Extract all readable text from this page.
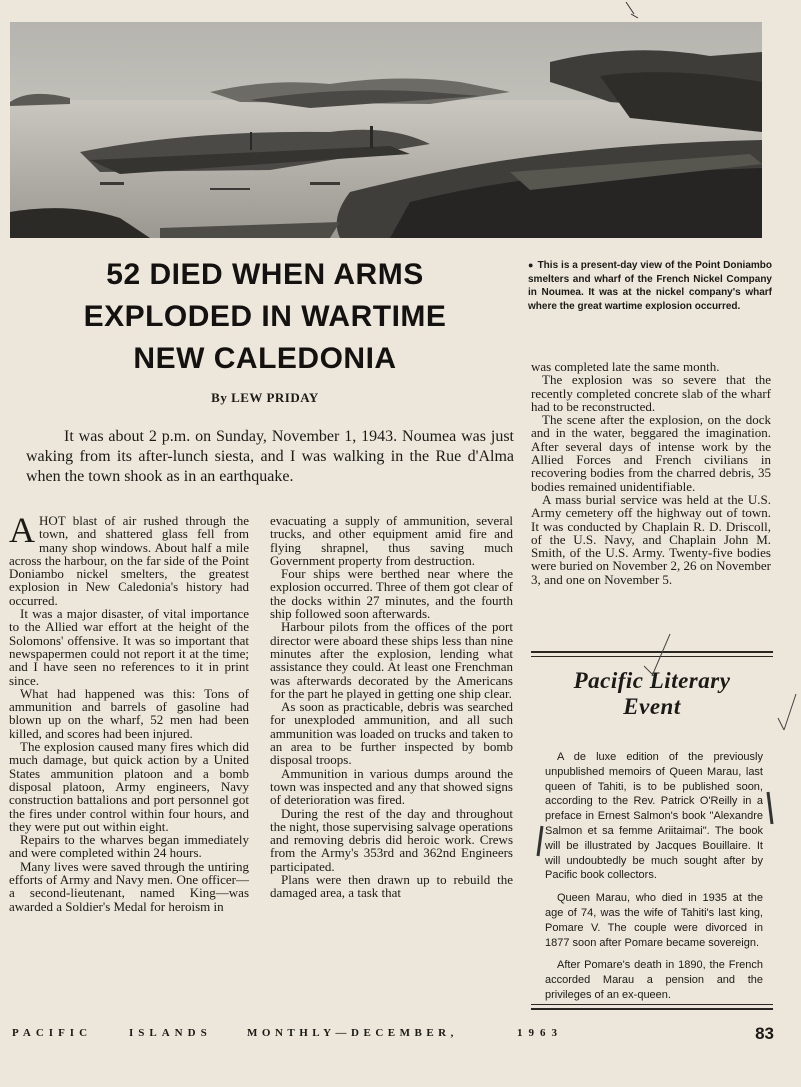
52 DIED WHEN ARMS
EXPLODED IN WARTIME
NEW CALEDONIA
By LEW PRIDAY
● This is a present-day view of the Point Doniambo smelters and wharf of the French Nickel Company in Noumea. It was at the nickel company's wharf where the great wartime explosion occurred.
It was about 2 p.m. on Sunday, November 1, 1943. Noumea was just waking from its after-lunch siesta, and I was walking in the Rue d'Alma when the town shook as in an earthquake.

AHOT blast of air rushed through the town, and shattered glass fell from many shop windows. About half a mile across the harbour, on the far side of the Point Doniambo nickel smelters, the greatest explosion in New Caledonia's history had occurred.

It was a major disaster, of vital importance to the Allied war effort at the height of the Solomons' offensive. It was so important that newspapermen could not report it at the time; and I have seen no references to it in print since.

What had happened was this: Tons of ammunition and barrels of gasoline had blown up on the wharf, 52 men had been killed, and scores had been injured.

The explosion caused many fires which did much damage, but quick action by a United States ammunition platoon and a bomb disposal platoon, Army engineers, Navy construction battalions and port personnel got the fires under control within four hours, and they were put out within eight.

Repairs to the wharves began immediately and were completed within 24 hours.

Many lives were saved through the untiring efforts of Army and Navy men. One officer—a second-lieutenant, named King—was awarded a Soldier's Medal for heroism in

evacuating a supply of ammunition, several trucks, and other equipment amid fire and flying shrapnel, thus saving much Government property from destruction.

Four ships were berthed near where the explosion occurred. Three of them got clear of the docks within 27 minutes, and the fourth ship followed soon afterwards.

Harbour pilots from the offices of the port director were aboard these ships less than nine minutes after the explosion, lending what assistance they could. At least one Frenchman was afterwards decorated by the Americans for the part he played in getting one ship clear.

As soon as practicable, debris was searched for unexploded ammunition, and all such ammunition was loaded on trucks and taken to an area to be further inspected by bomb disposal troops.

Ammunition in various dumps around the town was inspected and any that showed signs of deterioration was fired.

During the rest of the day and throughout the night, those supervising salvage operations and removing debris did heroic work. Crews from the Army's 353rd and 362nd Engineers participated.

Plans were then drawn up to rebuild the damaged area, a task that

was completed late the same month.

The explosion was so severe that the recently completed concrete slab of the wharf had to be reconstructed.

The scene after the explosion, on the dock and in the water, beggared the imagination. After several days of intense work by the Allied Forces and French civilians in recovering bodies from the charred debris, 35 bodies remained unidentifiable.

A mass burial service was held at the U.S. Army cemetery off the highway out of town. It was conducted by Chaplain R. D. Driscoll, of the U.S. Navy, and Chaplain John M. Smith, of the U.S. Army. Twenty-five bodies were buried on November 2, 26 on November 3, and one on November 5.

Pacific Literary
Event

A de luxe edition of the previously unpublished memoirs of Queen Marau, last queen of Tahiti, is to be published soon, according to the Rev. Patrick O'Reilly in a preface in Ernest Salmon's book "Alexandre Salmon et sa femme Ariitaimai". The book will be illustrated by Jacques Bouillaire. It will undoubtedly be much sought after by Pacific book collectors.

Queen Marau, who died in 1935 at the age of 74, was the wife of Tahiti's last king, Pomare V. The couple were divorced in 1877 soon after Pomare became sovereign.

After Pomare's death in 1890, the French accorded Marau a pension and the privileges of an ex-queen.

PACIFIC	ISLANDS	MONTHLY—DECEMBER,	1963	83
